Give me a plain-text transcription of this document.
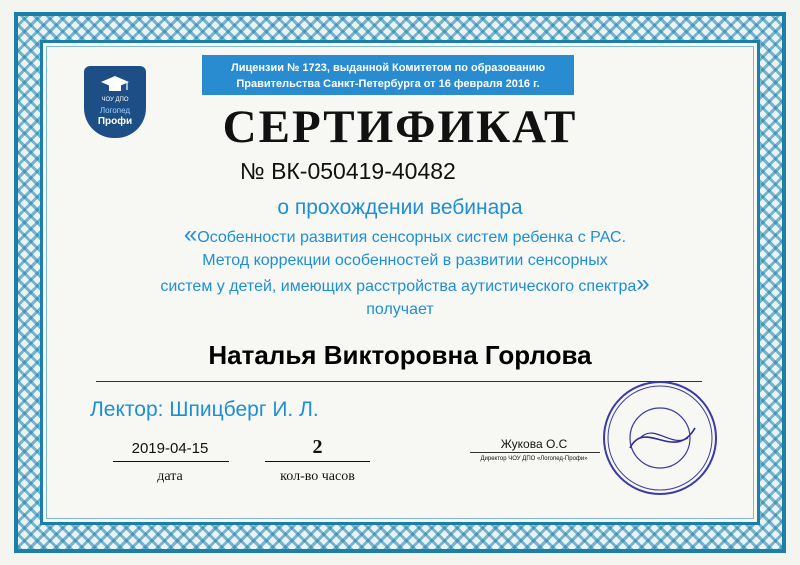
ЧОУ ДПО
Логопед
Профи
Лицензии № 1723, выданной Комитетом по образованию
Правительства Санкт-Петербурга от 16 февраля 2016 г.
СЕРТИФИКАТ
№ ВК-050419-40482
о прохождении вебинара
«Особенности развития сенсорных систем ребенка с РАС.
Метод коррекции особенностей в развитии сенсорных
систем у детей, имеющих расстройства аутистического спектра»
получает
Наталья Викторовна Горлова
Лектор: Шпицберг И. Л.
2019-04-15
дата
2
кол-во часов
Жукова О.С
Директор ЧОУ ДПО «Логопед-Профи»
